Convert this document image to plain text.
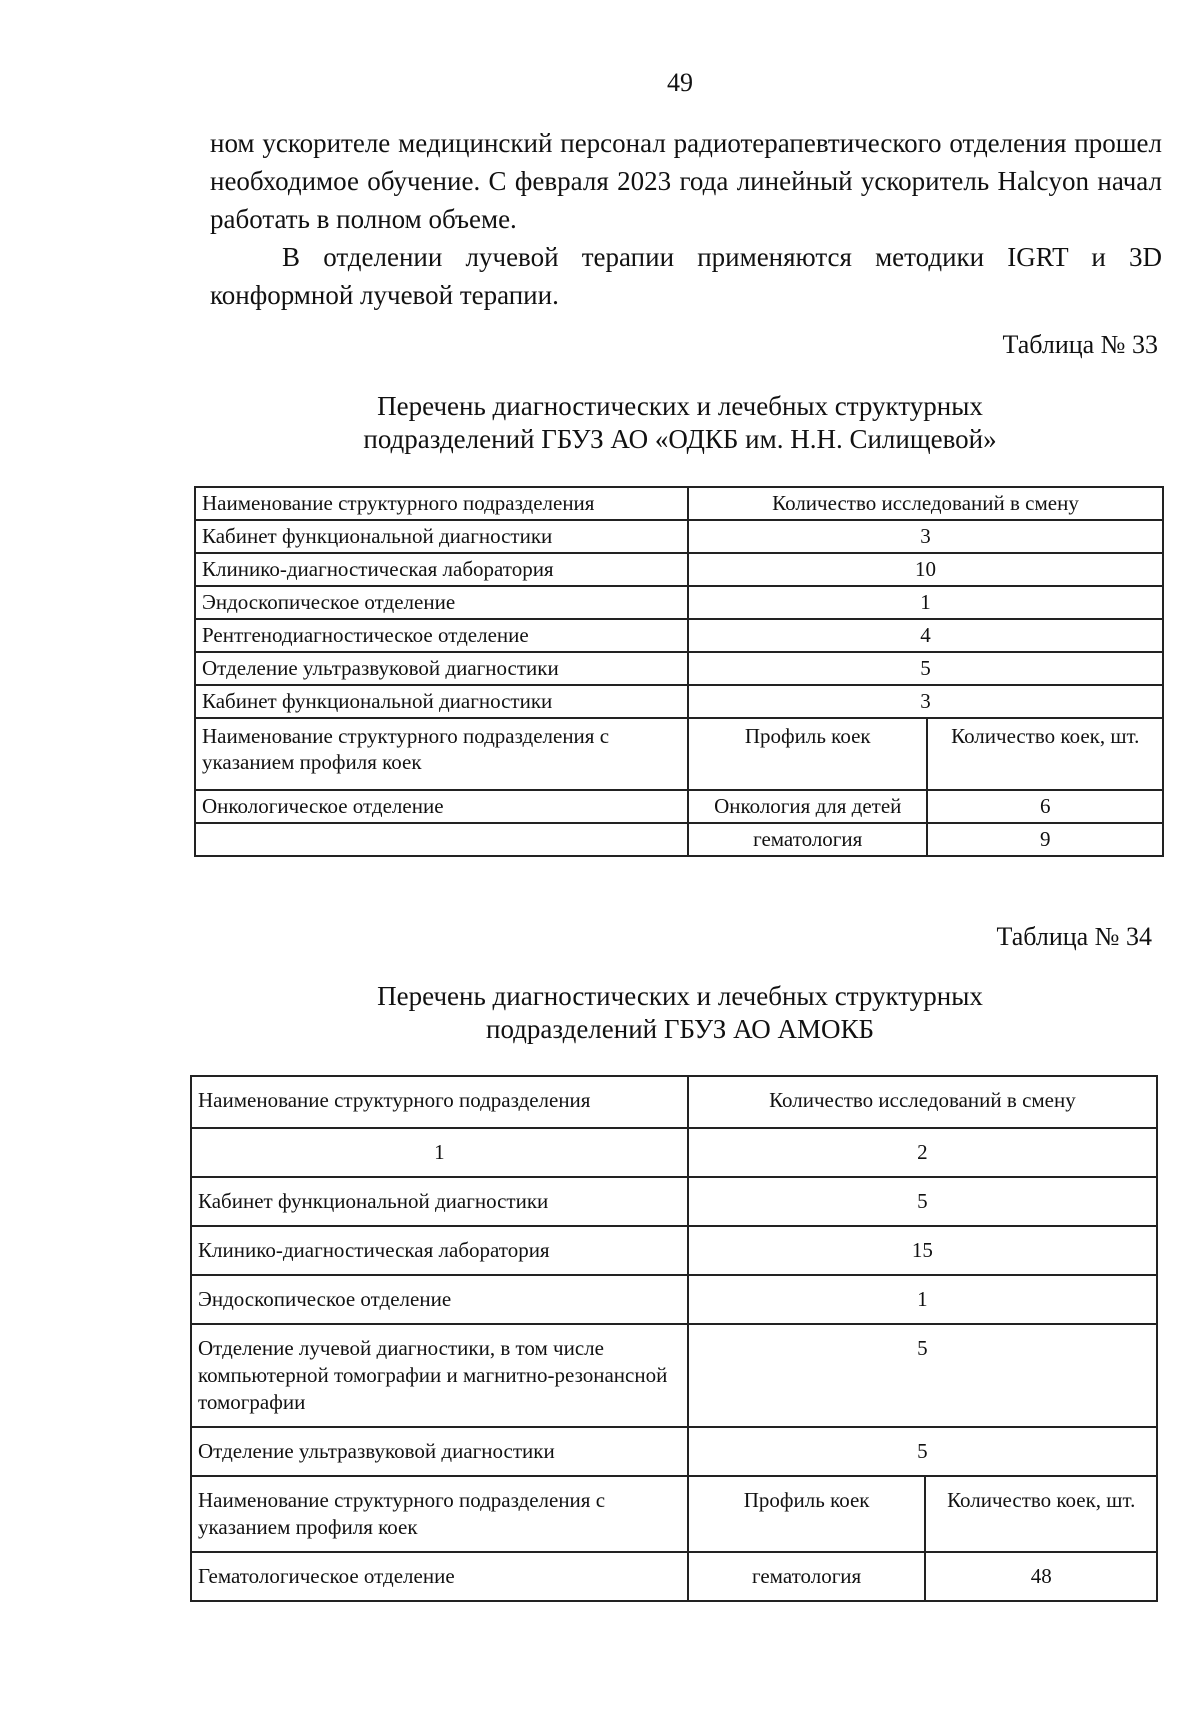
49

ном ускорителе медицинский персонал радиотерапевтического отделения прошел необходимое обучение. С февраля 2023 года линейный ускоритель Halcyon начал работать в полном объеме.

В отделении лучевой терапии применяются методики IGRT и 3D конформной лучевой терапии.

Таблица № 33
Перечень диагностических и лечебных структурных
подразделений ГБУЗ АО «ОДКБ им. Н.Н. Силищевой»
Наименование структурного подразделения	Количество исследований в смену	
Кабинет функциональной диагностики	3	
Клинико-диагностическая лаборатория	10	
Эндоскопическое отделение	1	
Рентгенодиагностическое отделение	4	
Отделение ультразвуковой диагностики	5	
Кабинет функциональной диагностики	3	
Наименование структурного подразделения с указанием профиля коек	Профиль коек	Количество коек, шт.
Онкологическое отделение	Онкология для детей	6
	гематология	9
Таблица № 34
Перечень диагностических и лечебных структурных
подразделений ГБУЗ АО АМОКБ
Наименование структурного подразделения	Количество исследований в смену	
1	2	
Кабинет функциональной диагностики	5	
Клинико-диагностическая лаборатория	15	
Эндоскопическое отделение	1	
Отделение лучевой диагностики, в том числе компьютерной томографии и магнитно-резонансной томографии	5	
Отделение ультразвуковой диагностики	5	
Наименование структурного подразделения с указанием профиля коек	Профиль коек	Количество коек, шт.
Гематологическое отделение	гематология	48
